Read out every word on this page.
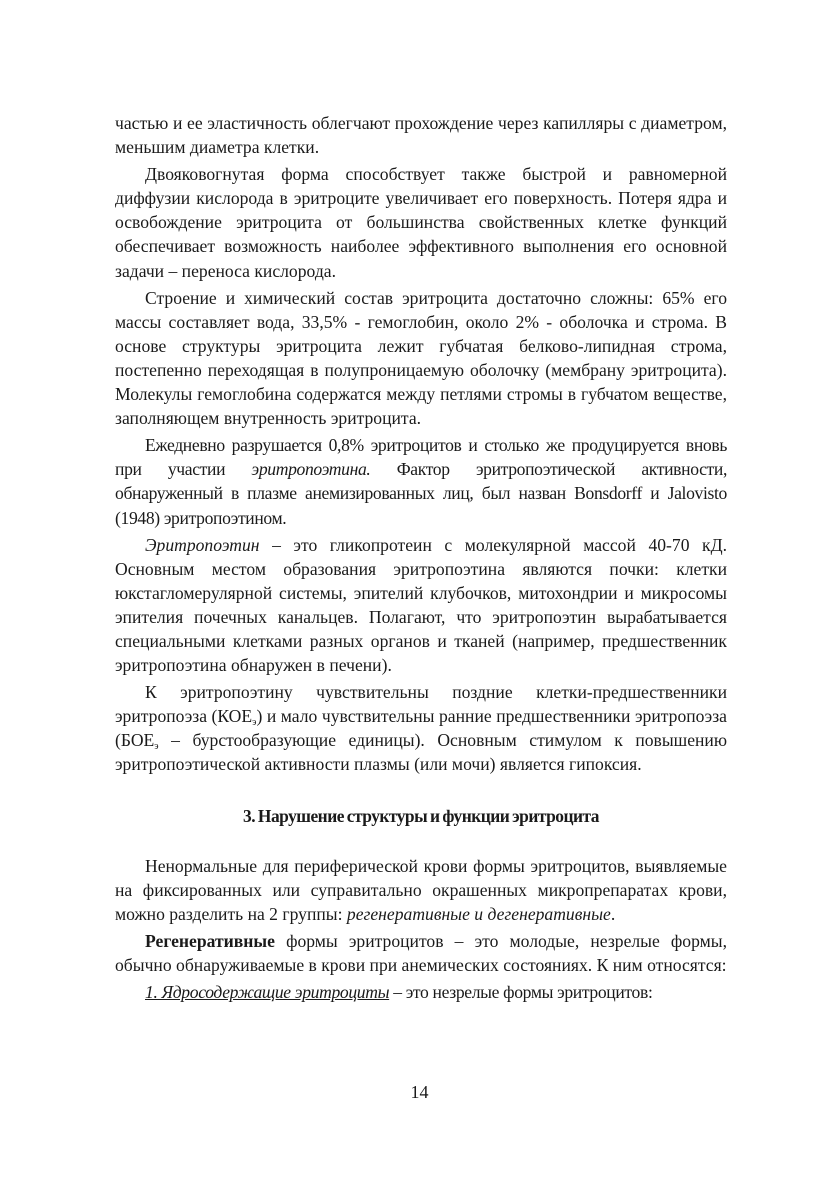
частью и ее эластичность облегчают прохождение через капилляры с диаметром, меньшим диаметра клетки.

Двояковогнутая форма способствует также быстрой и равномерной диффузии кислорода в эритроците увеличивает его поверхность. Потеря ядра и освобождение эритроцита от большинства свойственных клетке функций обеспечивает возможность наиболее эффективного выполнения его основной задачи – переноса кислорода.

Строение и химический состав эритроцита достаточно сложны: 65% его массы составляет вода, 33,5% - гемоглобин, около 2% - оболочка и строма. В основе структуры эритроцита лежит губчатая белково-липидная строма, постепенно переходящая в полупроницаемую оболочку (мембрану эритроцита). Молекулы гемоглобина содержатся между петлями стромы в губчатом веществе, заполняющем внутренность эритроцита.

Ежедневно разрушается 0,8% эритроцитов и столько же продуцируется вновь при участии эритропоэтина. Фактор эритропоэтической активности, обнаруженный в плазме анемизированных лиц, был назван Bonsdorff и Jalovisto (1948) эритропоэтином.

Эритропоэтин – это гликопротеин с молекулярной массой 40-70 кД. Основным местом образования эритропоэтина являются почки: клетки юкстагломерулярной системы, эпителий клубочков, митохондрии и микросомы эпителия почечных канальцев. Полагают, что эритропоэтин вырабатывается специальными клетками разных органов и тканей (например, предшественник эритропоэтина обнаружен в печени).

К эритропоэтину чувствительны поздние клетки-предшественники эритропоэза $(КОЕ_э)$ и мало чувствительны ранние предшественники эритропоэза ($БОЕ_э$ – бурстообразующие единицы). Основным стимулом к повышению эритропоэтической активности плазмы (или мочи) является гипоксия.

3. Нарушение структуры и функции эритроцита

Ненормальные для периферической крови формы эритроцитов, выявляемые на фиксированных или суправитально окрашенных микропрепаратах крови, можно разделить на 2 группы: регенеративные и дегенеративные.

Регенеративные формы эритроцитов – это молодые, незрелые формы, обычно обнаруживаемые в крови при анемических состояниях. К ним относятся:

1. Ядросодержащие эритроциты – это незрелые формы эритроцитов:

14
